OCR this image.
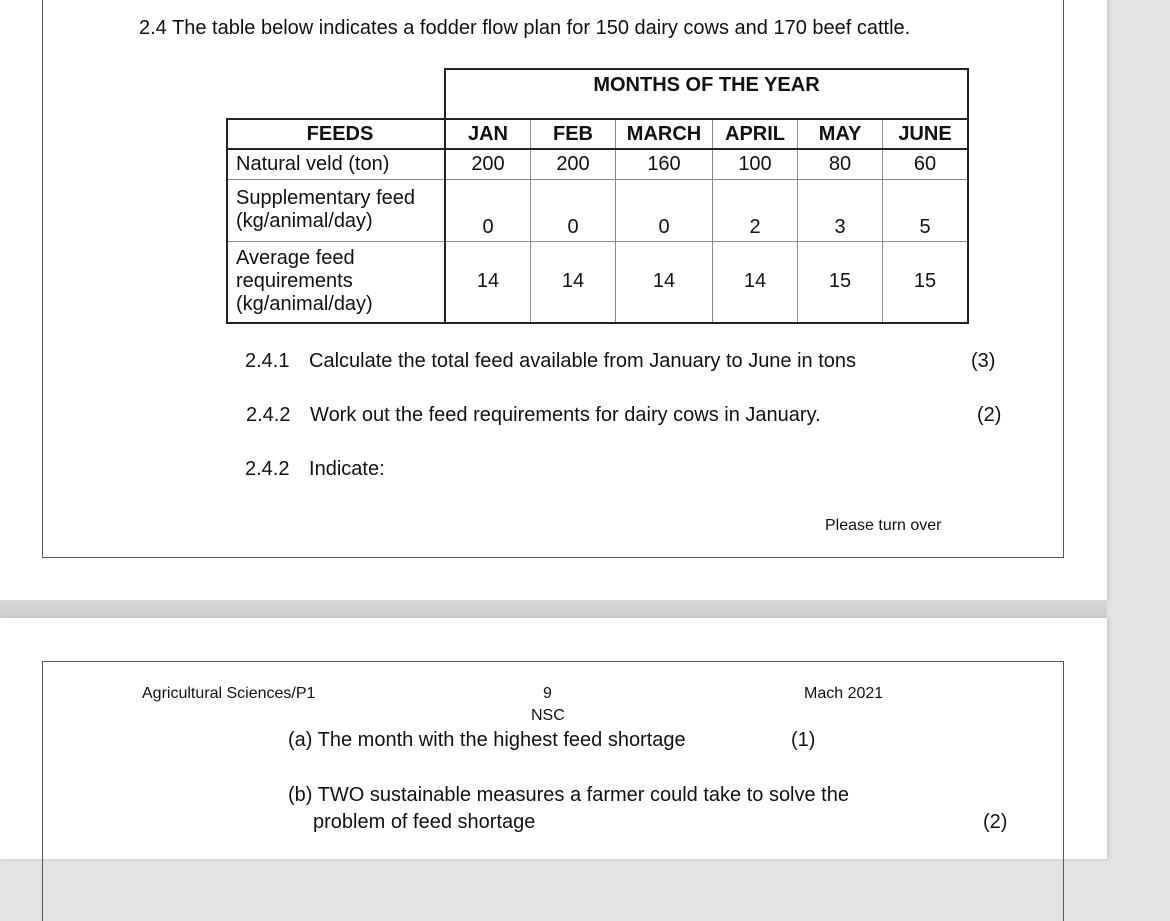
2.4 The table below indicates a fodder flow plan for 150 dairy cows and 170 beef cattle.
	MONTHS OF THE YEAR					
FEEDS	JAN	FEB	MARCH	APRIL	MAY	JUNE
Natural veld (ton)	200	200	160	100	80	60

Supplementary feed
(kg/animal/day)	0	0	0	2	3	5

Average feed
requirements
(kg/animal/day)	14	14	14	14	15	15
2.4.1 Calculate the total feed available from January to June in tons	(3)
2.4.2 Work out the feed requirements for dairy cows in January.	(2)
2.4.2 Indicate:
Please turn over
Agricultural Sciences/P1	9
NSC
Mach 2021
(a) The month with the highest feed shortage	(1)
(b) TWO sustainable measures a farmer could take to solve the
problem of feed shortage	(2)
